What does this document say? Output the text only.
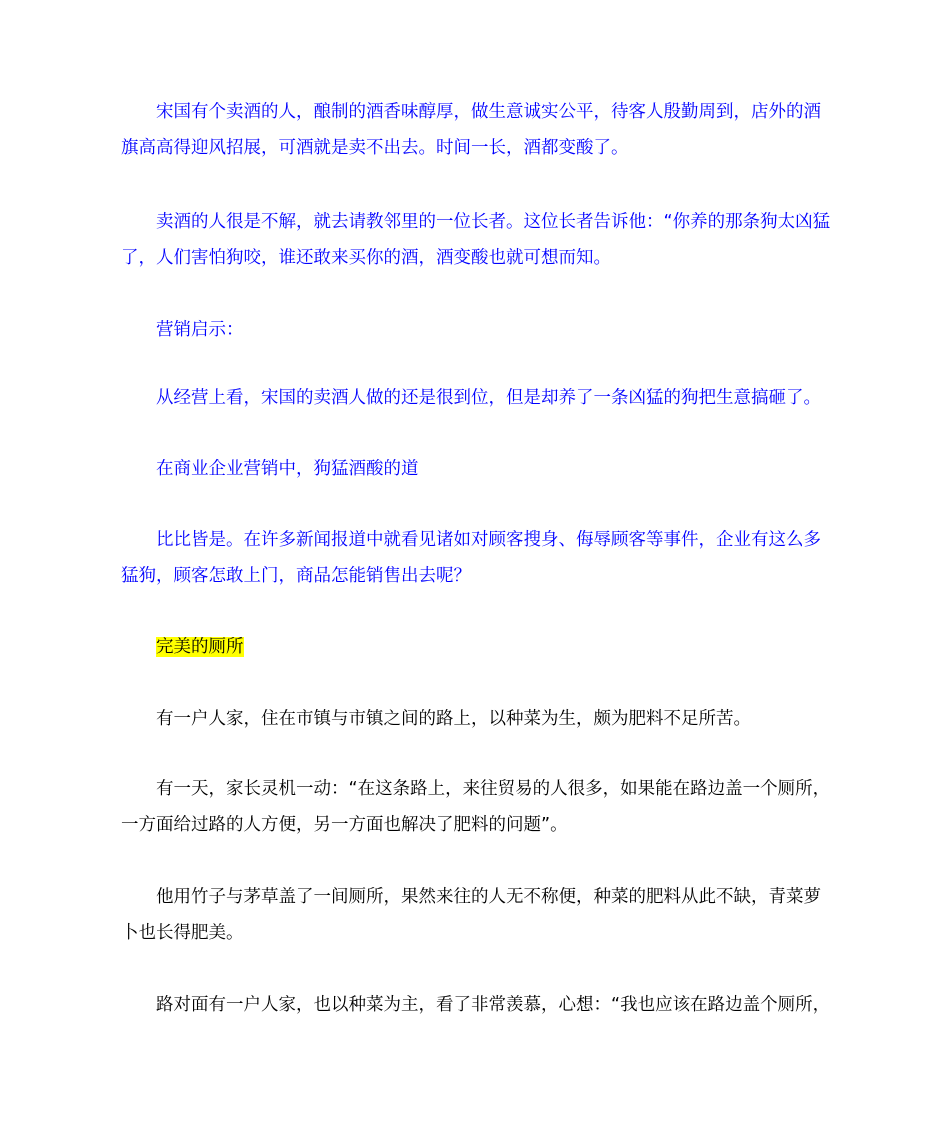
宋国有个卖酒的人，酿制的酒香味醇厚，做生意诚实公平，待客人殷勤周到，店外的酒旗高高得迎风招展，可酒就是卖不出去。时间一长，酒都变酸了。

卖酒的人很是不解，就去请教邻里的一位长者。这位长者告诉他：“你养的那条狗太凶猛了，人们害怕狗咬，谁还敢来买你的酒，酒变酸也就可想而知。

营销启示：

从经营上看，宋国的卖酒人做的还是很到位，但是却养了一条凶猛的狗把生意搞砸了。

在商业企业营销中，狗猛酒酸的道

比比皆是。在许多新闻报道中就看见诸如对顾客搜身、侮辱顾客等事件，企业有这么多猛狗，顾客怎敢上门，商品怎能销售出去呢？

完美的厕所

有一户人家，住在市镇与市镇之间的路上，以种菜为生，颇为肥料不足所苦。

有一天，家长灵机一动：“在这条路上，来往贸易的人很多，如果能在路边盖一个厕所，一方面给过路的人方便，另一方面也解决了肥料的问题”。

他用竹子与茅草盖了一间厕所，果然来往的人无不称便，种菜的肥料从此不缺，青菜萝卜也长得肥美。

路对面有一户人家，也以种菜为主，看了非常羡慕，心想：“我也应该在路边盖个厕所，
